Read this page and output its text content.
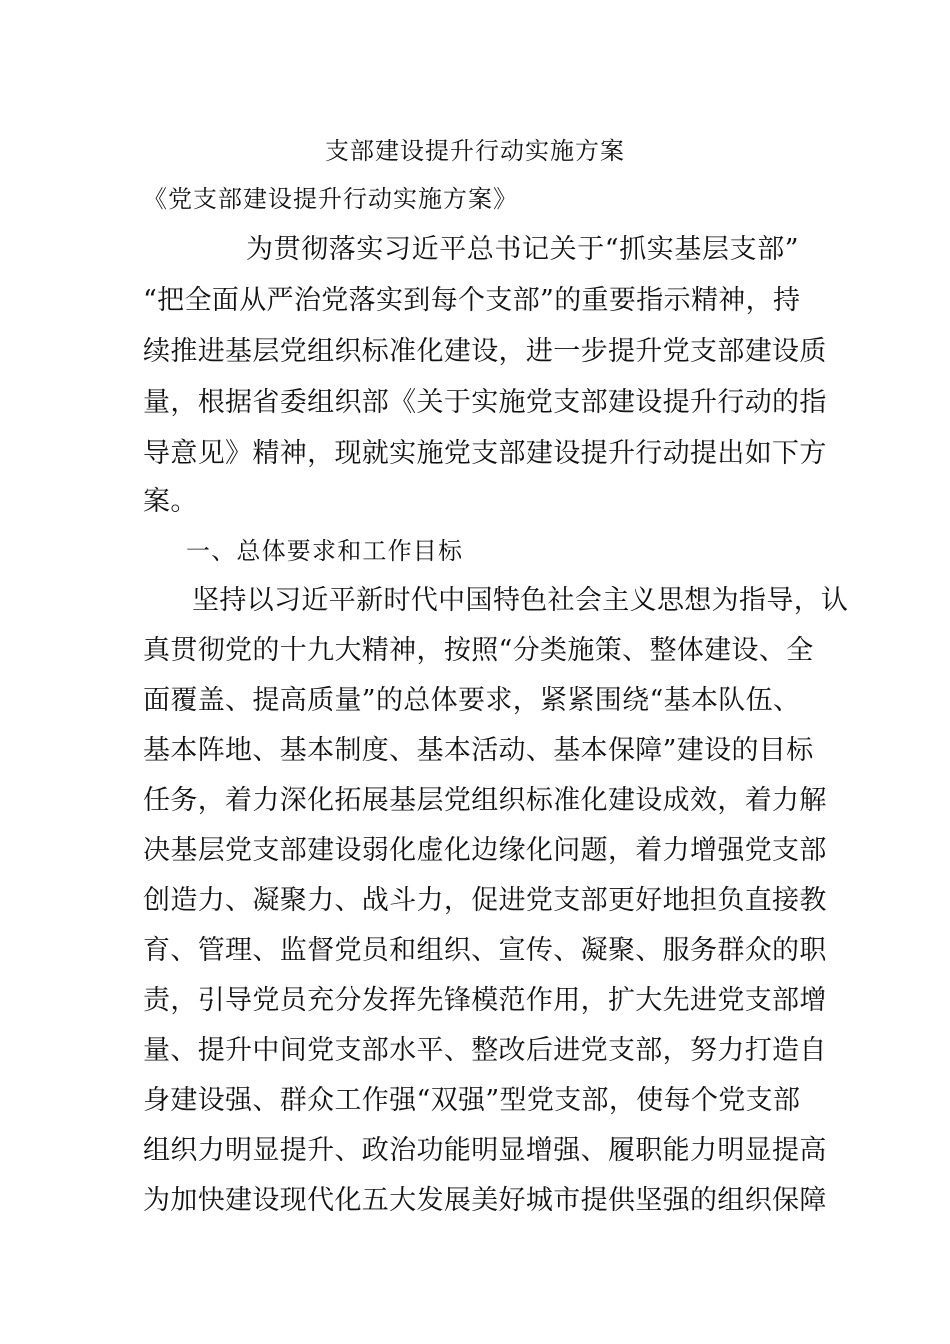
支部建设提升行动实施方案
《党支部建设提升行动实施方案》
为贯彻落实习近平总书记关于“抓实基层支部”
“把全面从严治党落实到每个支部”的重要指示精神，持
续推进基层党组织标准化建设，进一步提升党支部建设质
量，根据省委组织部《关于实施党支部建设提升行动的指
导意见》精神，现就实施党支部建设提升行动提出如下方
案。
一、总体要求和工作目标
坚持以习近平新时代中国特色社会主义思想为指导，认
真贯彻党的十九大精神，按照“分类施策、整体建设、全
面覆盖、提高质量”的总体要求，紧紧围绕“基本队伍、
基本阵地、基本制度、基本活动、基本保障”建设的目标
任务，着力深化拓展基层党组织标准化建设成效，着力解
决基层党支部建设弱化虚化边缘化问题，着力增强党支部
创造力、凝聚力、战斗力，促进党支部更好地担负直接教
育、管理、监督党员和组织、宣传、凝聚、服务群众的职
责，引导党员充分发挥先锋模范作用，扩大先进党支部增
量、提升中间党支部水平、整改后进党支部，努力打造自
身建设强、群众工作强“双强”型党支部，使每个党支部
组织力明显提升、政治功能明显增强、履职能力明显提高
为加快建设现代化五大发展美好城市提供坚强的组织保障
